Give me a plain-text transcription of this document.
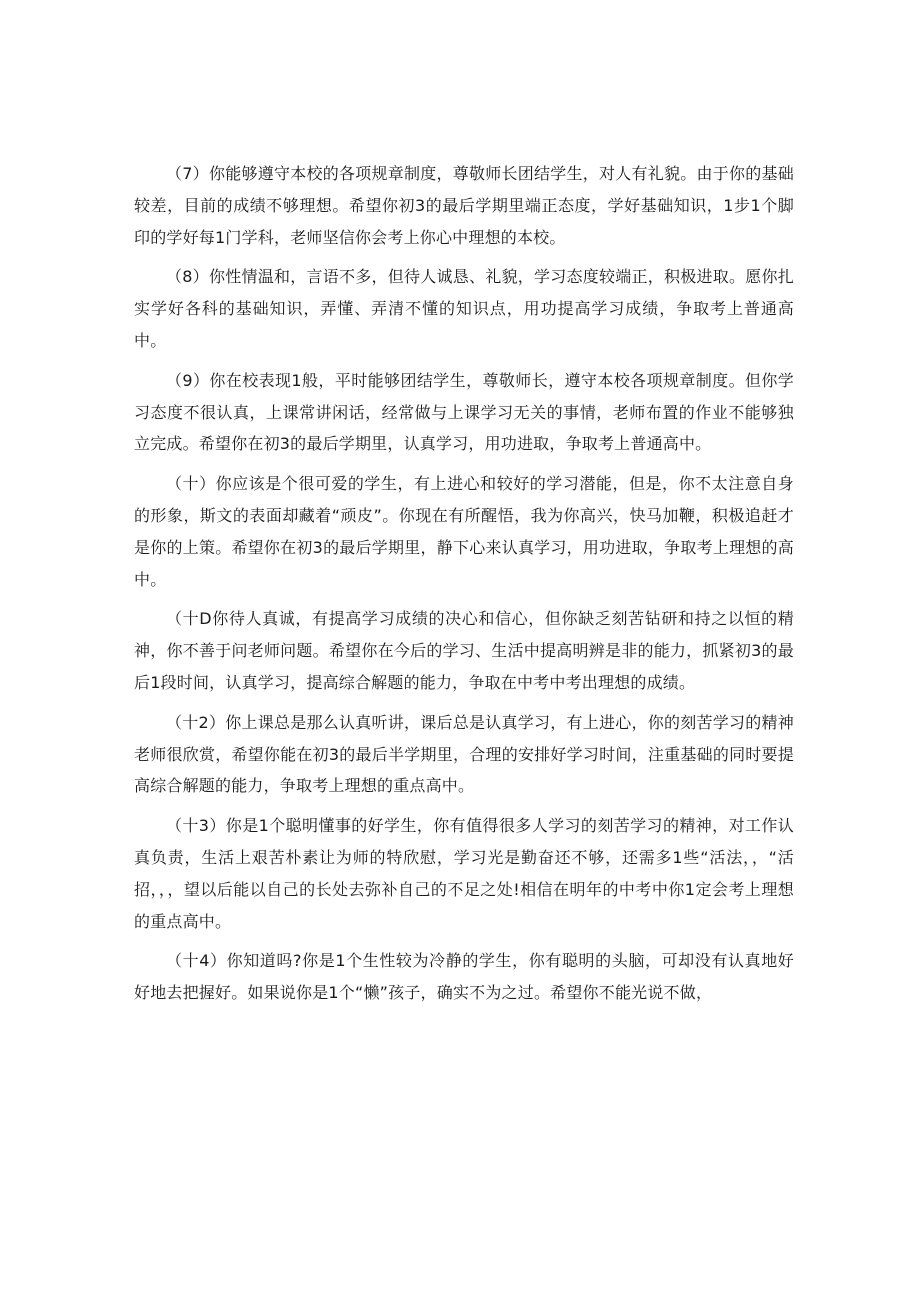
（7）你能够遵守本校的各项规章制度，尊敬师长团结学生，对人有礼貌。由于你的基础较差，目前的成绩不够理想。希望你初3的最后学期里端正态度，学好基础知识，1步1个脚印的学好每1门学科，老师坚信你会考上你心中理想的本校。

（8）你性情温和，言语不多，但待人诚恳、礼貌，学习态度较端正，积极进取。愿你扎实学好各科的基础知识，弄懂、弄清不懂的知识点，用功提高学习成绩，争取考上普通高中。

（9）你在校表现1般，平时能够团结学生，尊敬师长，遵守本校各项规章制度。但你学习态度不很认真，上课常讲闲话，经常做与上课学习无关的事情，老师布置的作业不能够独立完成。希望你在初3的最后学期里，认真学习，用功进取，争取考上普通高中。

（十）你应该是个很可爱的学生，有上进心和较好的学习潜能，但是，你不太注意自身的形象，斯文的表面却藏着“顽皮”。你现在有所醒悟，我为你高兴，快马加鞭，积极追赶才是你的上策。希望你在初3的最后学期里，静下心来认真学习，用功进取，争取考上理想的高中。

（十D你待人真诚，有提高学习成绩的决心和信心，但你缺乏刻苦钻研和持之以恒的精神，你不善于问老师问题。希望你在今后的学习、生活中提高明辨是非的能力，抓紧初3的最后1段时间，认真学习，提高综合解题的能力，争取在中考中考出理想的成绩。

（十2）你上课总是那么认真听讲，课后总是认真学习，有上进心，你的刻苦学习的精神老师很欣赏，希望你能在初3的最后半学期里，合理的安排好学习时间，注重基础的同时要提高综合解题的能力，争取考上理想的重点高中。

（十3）你是1个聪明懂事的好学生，你有值得很多人学习的刻苦学习的精神，对工作认真负责，生活上艰苦朴素让为师的特欣慰，学习光是勤奋还不够，还需多1些“活法，，“活招，，，望以后能以自己的长处去弥补自己的不足之处!相信在明年的中考中你1定会考上理想的重点高中。

（十4）你知道吗?你是1个生性较为冷静的学生，你有聪明的头脑，可却没有认真地好好地去把握好。如果说你是1个“懒”孩子，确实不为之过。希望你不能光说不做，
